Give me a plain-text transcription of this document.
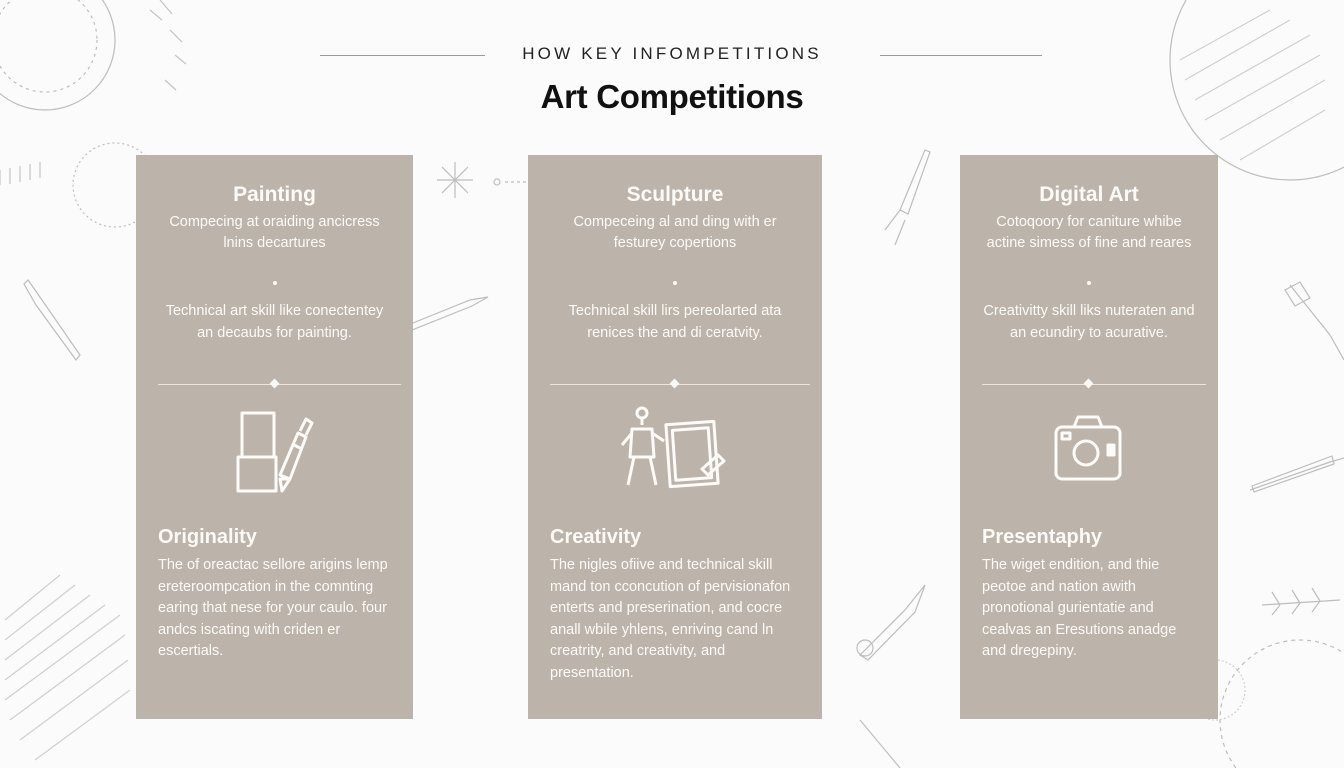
HOW KEY INFOMPETITIONS
Art Competitions
Painting
Compecing at oraiding ancicress lnins decartures
Technical art skill like conectentey an decaubs for painting.
Originality
The of oreactac sellore arigins lemp ereteroompcation in the comnting earing that nese for your caulo. four andcs iscating with criden er escertials.
Sculpture
Compeceing al and ding with er festurey copertions
Technical skill lirs pereolarted ata renices the and di ceratvity.
Creativity
The nigles ofiive and technical skill mand ton cconcution of pervisionafon enterts and preserination, and cocre anall wbile yhlens, enriving cand ln creatrity, and creativity, and presentation.
Digital Art
Cotoqoory for caniture whibe actine simess of fine and reares
Creativitty skill liks nuteraten and an ecundiry to acurative.
Presentaphy
The wiget endition, and thie peotoe and nation awith pronotional gurientatie and cealvas an Eresutions anadge and dregepiny.
